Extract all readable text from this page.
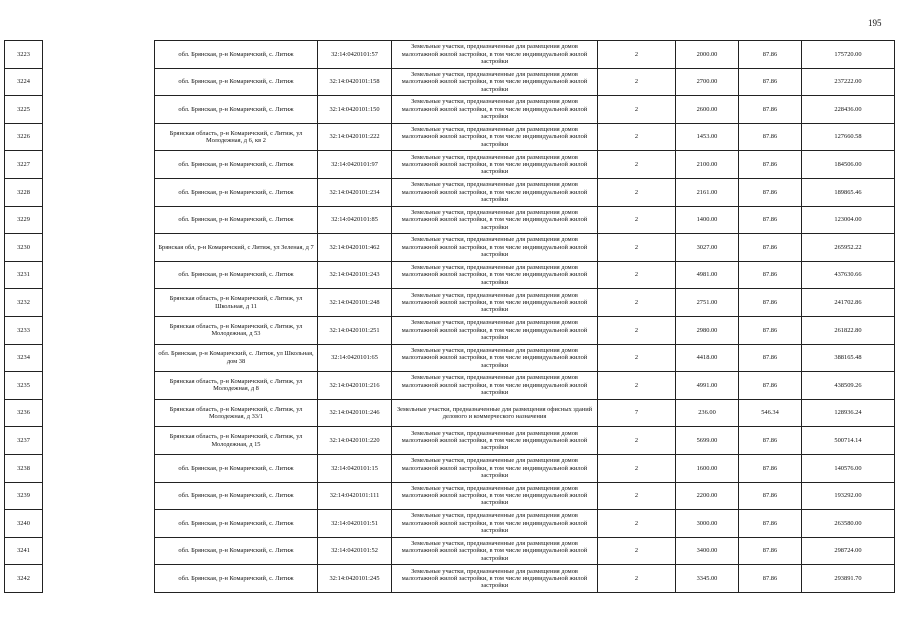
195
3223		обл. Брянская, р-н Комаричский, с. Литиж	32:14:0420101:57	Земельные участки, предназначенные для размещения домов малоэтажной жилой застройки, в том числе индивидуальной жилой застройки	2	2000.00	87.86	175720.00
3224		обл. Брянская, р-н Комаричский, с. Литиж	32:14:0420101:158	Земельные участки, предназначенные для размещения домов малоэтажной жилой застройки, в том числе индивидуальной жилой застройки	2	2700.00	87.86	237222.00
3225		обл. Брянская, р-н Комаричский, с. Литиж	32:14:0420101:150	Земельные участки, предназначенные для размещения домов малоэтажной жилой застройки, в том числе индивидуальной жилой застройки	2	2600.00	87.86	228436.00
3226		Брянская область, р-н Комаричский, с Литиж, ул Молодежная, д 6, кв 2	32:14:0420101:222	Земельные участки, предназначенные для размещения домов малоэтажной жилой застройки, в том числе индивидуальной жилой застройки	2	1453.00	87.86	127660.58
3227		обл. Брянская, р-н Комаричский, с. Литиж	32:14:0420101:97	Земельные участки, предназначенные для размещения домов малоэтажной жилой застройки, в том числе индивидуальной жилой застройки	2	2100.00	87.86	184506.00
3228		обл. Брянская, р-н Комаричский, с. Литиж	32:14:0420101:234	Земельные участки, предназначенные для размещения домов малоэтажной жилой застройки, в том числе индивидуальной жилой застройки	2	2161.00	87.86	189865.46
3229		обл. Брянская, р-н Комаричский, с. Литиж	32:14:0420101:85	Земельные участки, предназначенные для размещения домов малоэтажной жилой застройки, в том числе индивидуальной жилой застройки	2	1400.00	87.86	123004.00
3230		Брянская обл, р-н Комаричский, с Литиж, ул Зеленая, д 7	32:14:0420101:462	Земельные участки, предназначенные для размещения домов малоэтажной жилой застройки, в том числе индивидуальной жилой застройки	2	3027.00	87.86	265952.22
3231		обл. Брянская, р-н Комаричский, с. Литиж	32:14:0420101:243	Земельные участки, предназначенные для размещения домов малоэтажной жилой застройки, в том числе индивидуальной жилой застройки	2	4981.00	87.86	437630.66
3232		Брянская область, р-н Комаричский, с Литиж, ул Школьная, д 11	32:14:0420101:248	Земельные участки, предназначенные для размещения домов малоэтажной жилой застройки, в том числе индивидуальной жилой застройки	2	2751.00	87.86	241702.86
3233		Брянская область, р-н Комаричский, с Литиж, ул Молодежная, д 53	32:14:0420101:251	Земельные участки, предназначенные для размещения домов малоэтажной жилой застройки, в том числе индивидуальной жилой застройки	2	2980.00	87.86	261822.80
3234		обл. Брянская, р-н Комаричский, с. Литиж, ул Школьная, дом 38	32:14:0420101:65	Земельные участки, предназначенные для размещения домов малоэтажной жилой застройки, в том числе индивидуальной жилой застройки	2	4418.00	87.86	388165.48
3235		Брянская область, р-н Комаричский, с Литиж, ул Молодежная, д 8	32:14:0420101:216	Земельные участки, предназначенные для размещения домов малоэтажной жилой застройки, в том числе индивидуальной жилой застройки	2	4991.00	87.86	438509.26
3236		Брянская область, р-н Комаричский, с Литиж, ул Молодежная, д 33/1	32:14:0420101:246	Земельные участки, предназначенные для размещения офисных зданий делового и коммерческого назначения	7	236.00	546.34	128936.24
3237		Брянская область, р-н Комаричский, с Литиж, ул Молодежная, д 15	32:14:0420101:220	Земельные участки, предназначенные для размещения домов малоэтажной жилой застройки, в том числе индивидуальной жилой застройки	2	5699.00	87.86	500714.14
3238		обл. Брянская, р-н Комаричский, с. Литиж	32:14:0420101:15	Земельные участки, предназначенные для размещения домов малоэтажной жилой застройки, в том числе индивидуальной жилой застройки	2	1600.00	87.86	140576.00
3239		обл. Брянская, р-н Комаричский, с. Литиж	32:14:0420101:111	Земельные участки, предназначенные для размещения домов малоэтажной жилой застройки, в том числе индивидуальной жилой застройки	2	2200.00	87.86	193292.00
3240		обл. Брянская, р-н Комаричский, с. Литиж	32:14:0420101:51	Земельные участки, предназначенные для размещения домов малоэтажной жилой застройки, в том числе индивидуальной жилой застройки	2	3000.00	87.86	263580.00
3241		обл. Брянская, р-н Комаричский, с. Литиж	32:14:0420101:52	Земельные участки, предназначенные для размещения домов малоэтажной жилой застройки, в том числе индивидуальной жилой застройки	2	3400.00	87.86	298724.00
3242		обл. Брянская, р-н Комаричский, с. Литиж	32:14:0420101:245	Земельные участки, предназначенные для размещения домов малоэтажной жилой застройки, в том числе индивидуальной жилой застройки	2	3345.00	87.86	293891.70
